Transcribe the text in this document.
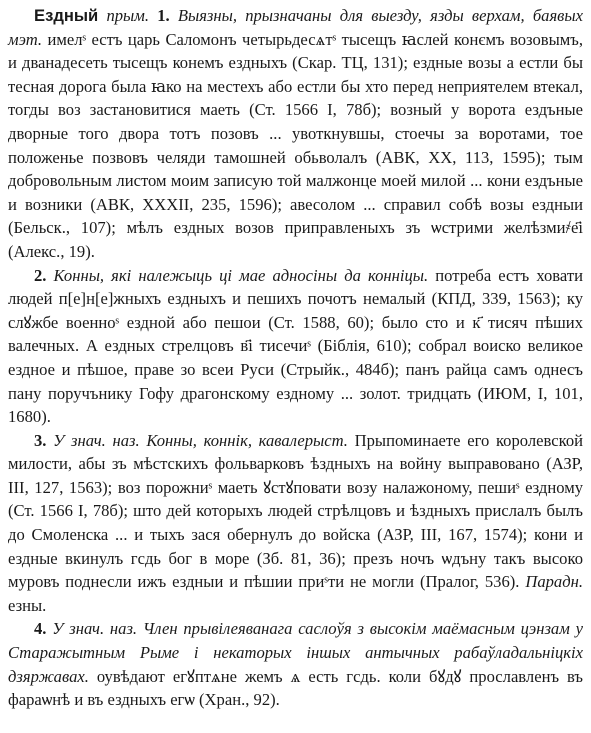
Ездный прым. 1. Выязны, прызначаны для выезду, язды верхам, баявых мэт. имелˢ естъ царь Саломонъ четырьдесѧтˢ тысещъ ꙗслей конємъ возовымъ, и дванадесеть тысещъ конемъ ездныхъ (Скар. ТЦ, 131); ездные возы а естли бы тесная дорога была ꙗко на местехъ або естли бы хто перед неприятелем втекал, тогды воз застановитися маеть (Ст. 1566 I, 78б); возный у ворота ездъные дворные того двора тотъ позовъ ... увоткнувшы, стоечы за воротами, тое положенье позвовъ челяди тамошней обьволалъ (АВК, XX, 113, 1595); тым добровольным листом моим записую той малжонце моей милой ... кони ездъные и возники (АВК, XXXII, 235, 1596); авесолом ... справил собѣ возы ездныи (Бельск., 107); мѣлъ ездных возов приправленыхъ зъ ѡстрими желѣзми҂е҃і (Алекс., 19).

2. Конны, які належыць ці мае адносіны да конніцы. потреба естъ ховати людей п[е]н[е]жныхъ ездныхъ и пешихъ почотъ немалый (КПД, 339, 1563); ку слꙋжбе военноˢ ездной або пешои (Ст. 1588, 60); было сто и к҃ тисяч пѣших валечных. А ездных стрелцовъ в҃і тисечиˢ (Біблія, 610); собрал воиско великое ездное и пѣшое, праве зо всеи Руси (Стрыйк., 484б); панъ райца самъ однесъ пану поручънику Гофу драгонскому ездному ... золот. тридцать (ИЮМ, I, 101, 1680).

3. У знач. наз. Конны, коннік, кавалерыст. Прыпоминаетe его королевской милости, абы зъ мѣстскихъ фольварковъ ѣздныхъ на войну выправовано (АЗР, III, 127, 1563); воз порожниˢ маеть ꙋстꙋповати возу налажоному, пешиˢ ездному (Ст. 1566 I, 78б); што дей которыхъ людей стрѣлцовъ и ѣздныхъ прислалъ былъ до Смоленска ... и тыхъ зася обернулъ до войска (АЗР, III, 167, 1574); кони и ездные вкинулъ гсдь бог в море (Зб. 81, 36); презъ ночъ ѡдъну такъ высоко муровъ поднесли ижъ ездныи и пѣшии приˢти не могли (Пралог, 536). Парадн. езны.

4. У знач. наз. Член прывілеяванага саслоўя з высокім маёмасным цэнзам у Старажытным Рыме і некаторых іншых антычных рабаўладальніцкіх дзяржавах. оувѣдают егꙋптѧне жемъ ѧ есть гсдь. коли бꙋдꙋ прославленъ въ фараѡнѣ и въ ездныхъ егѡ (Хран., 92).
